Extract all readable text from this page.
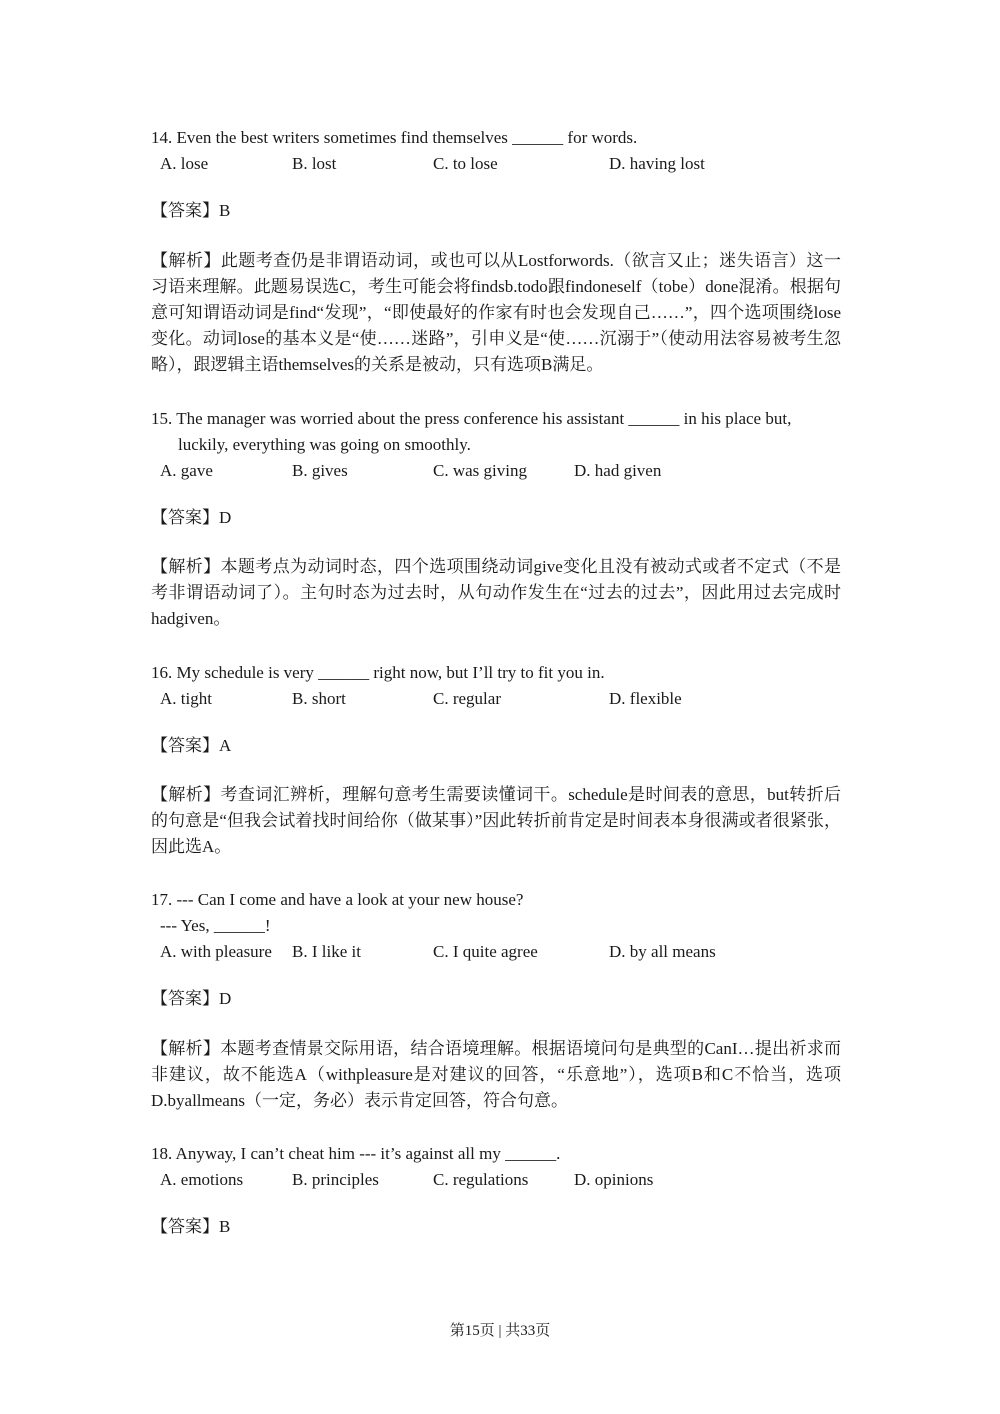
14. Even the best writers sometimes find themselves ______ for words.
A. lose	B. lost	C. to lose	D. having lost
【答案】B
【解析】此题考查仍是非谓语动词，或也可以从Lostforwords.（欲言又止；迷失语言）这一习语来理解。此题易误选C，考生可能会将findsb.todo跟findoneself（tobe）done混淆。根据句意可知谓语动词是find“发现”，“即使最好的作家有时也会发现自己……”，四个选项围绕lose变化。动词lose的基本义是“使……迷路”，引申义是“使……沉溺于”（使动用法容易被考生忽略），跟逻辑主语themselves的关系是被动，只有选项B满足。
15. The manager was worried about the press conference his assistant ______ in his place but,
luckily, everything was going on smoothly.
A. gave	B. gives	C. was giving	D. had given
【答案】D
【解析】本题考点为动词时态，四个选项围绕动词give变化且没有被动式或者不定式（不是考非谓语动词了）。主句时态为过去时，从句动作发生在“过去的过去”，因此用过去完成时hadgiven。
16. My schedule is very ______ right now, but I’ll try to fit you in.
A. tight	B. short	C. regular	D. flexible
【答案】A
【解析】考查词汇辨析，理解句意考生需要读懂词干。schedule是时间表的意思，but转折后的句意是“但我会试着找时间给你（做某事）”因此转折前肯定是时间表本身很满或者很紧张，因此选A。
17. --- Can I come and have a look at your new house?
--- Yes, ______!
A. with pleasure B. I like it	C. I quite agree	D. by all means
【答案】D
【解析】本题考查情景交际用语，结合语境理解。根据语境问句是典型的CanI…提出祈求而非建议，故不能选A（withpleasure是对建议的回答，“乐意地”），选项B和C不恰当，选项D.byallmeans（一定，务必）表示肯定回答，符合句意。
18. Anyway, I can’t cheat him --- it’s against all my ______.
A. emotions	B. principles	C. regulations	D. opinions
【答案】B
第15页 | 共33页
